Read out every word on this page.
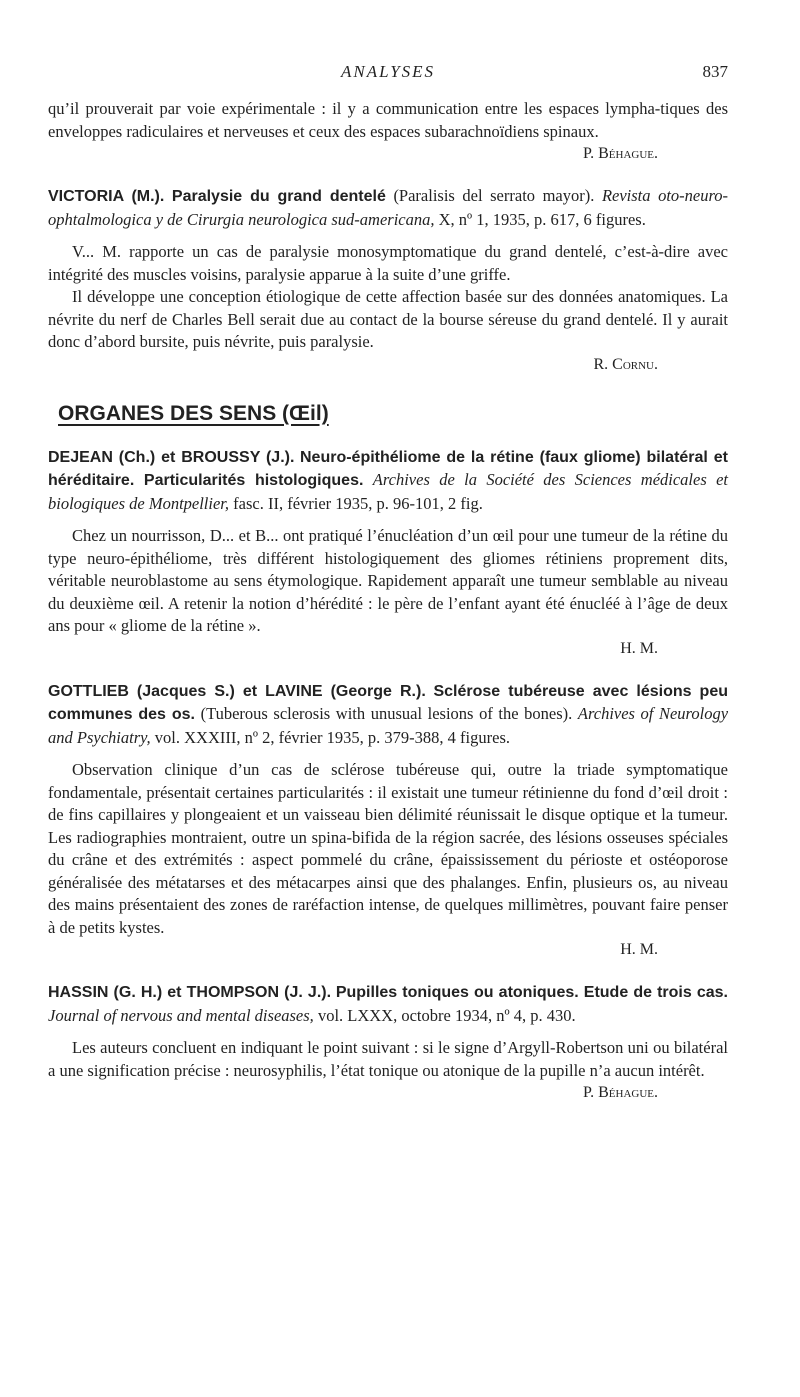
ANALYSES	837

qu’il prouverait par voie expérimentale : il y a communication entre les espaces lympha-tiques des enveloppes radiculaires et nerveuses et ceux des espaces subarachnoïdiens spinaux.

P. Béhague.

VICTORIA (M.). Paralysie du grand dentelé (Paralisis del serrato mayor). Revista oto-neuro-ophtalmologica y de Cirurgia neurologica sud-americana, X, nº 1, 1935, p. 617, 6 figures.

V... M. rapporte un cas de paralysie monosymptomatique du grand dentelé, c’est-à-dire avec intégrité des muscles voisins, paralysie apparue à la suite d’une griffe.

Il développe une conception étiologique de cette affection basée sur des données anatomiques. La névrite du nerf de Charles Bell serait due au contact de la bourse séreuse du grand dentelé. Il y aurait donc d’abord bursite, puis névrite, puis paralysie.

R. Cornu.
ORGANES DES SENS (Œil)

DEJEAN (Ch.) et BROUSSY (J.). Neuro-épithéliome de la rétine (faux gliome) bilatéral et héréditaire. Particularités histologiques. Archives de la Société des Sciences médicales et biologiques de Montpellier, fasc. II, février 1935, p. 96-101, 2 fig.

Chez un nourrisson, D... et B... ont pratiqué l’énucléation d’un œil pour une tumeur de la rétine du type neuro-épithéliome, très différent histologiquement des gliomes rétiniens proprement dits, véritable neuroblastome au sens étymologique. Rapidement apparaît une tumeur semblable au niveau du deuxième œil. A retenir la notion d’hérédité : le père de l’enfant ayant été énucléé à l’âge de deux ans pour « gliome de la rétine ».

H. M.

GOTTLIEB (Jacques S.) et LAVINE (George R.). Sclérose tubéreuse avec lésions peu communes des os. (Tuberous sclerosis with unusual lesions of the bones). Archives of Neurology and Psychiatry, vol. XXXIII, nº 2, février 1935, p. 379-388, 4 figures.

Observation clinique d’un cas de sclérose tubéreuse qui, outre la triade symptomatique fondamentale, présentait certaines particularités : il existait une tumeur rétinienne du fond d’œil droit : de fins capillaires y plongeaient et un vaisseau bien délimité réunissait le disque optique et la tumeur. Les radiographies montraient, outre un spina-bifida de la région sacrée, des lésions osseuses spéciales du crâne et des extrémités : aspect pommelé du crâne, épaississement du périoste et ostéoporose généralisée des métatarses et des métacarpes ainsi que des phalanges. Enfin, plusieurs os, au niveau des mains présentaient des zones de raréfaction intense, de quelques millimètres, pouvant faire penser à de petits kystes.

H. M.

HASSIN (G. H.) et THOMPSON (J. J.). Pupilles toniques ou atoniques. Etude de trois cas. Journal of nervous and mental diseases, vol. LXXX, octobre 1934, nº 4, p. 430.

Les auteurs concluent en indiquant le point suivant : si le signe d’Argyll-Robertson uni ou bilatéral a une signification précise : neurosyphilis, l’état tonique ou atonique de la pupille n’a aucun intérêt.

P. Béhague.
